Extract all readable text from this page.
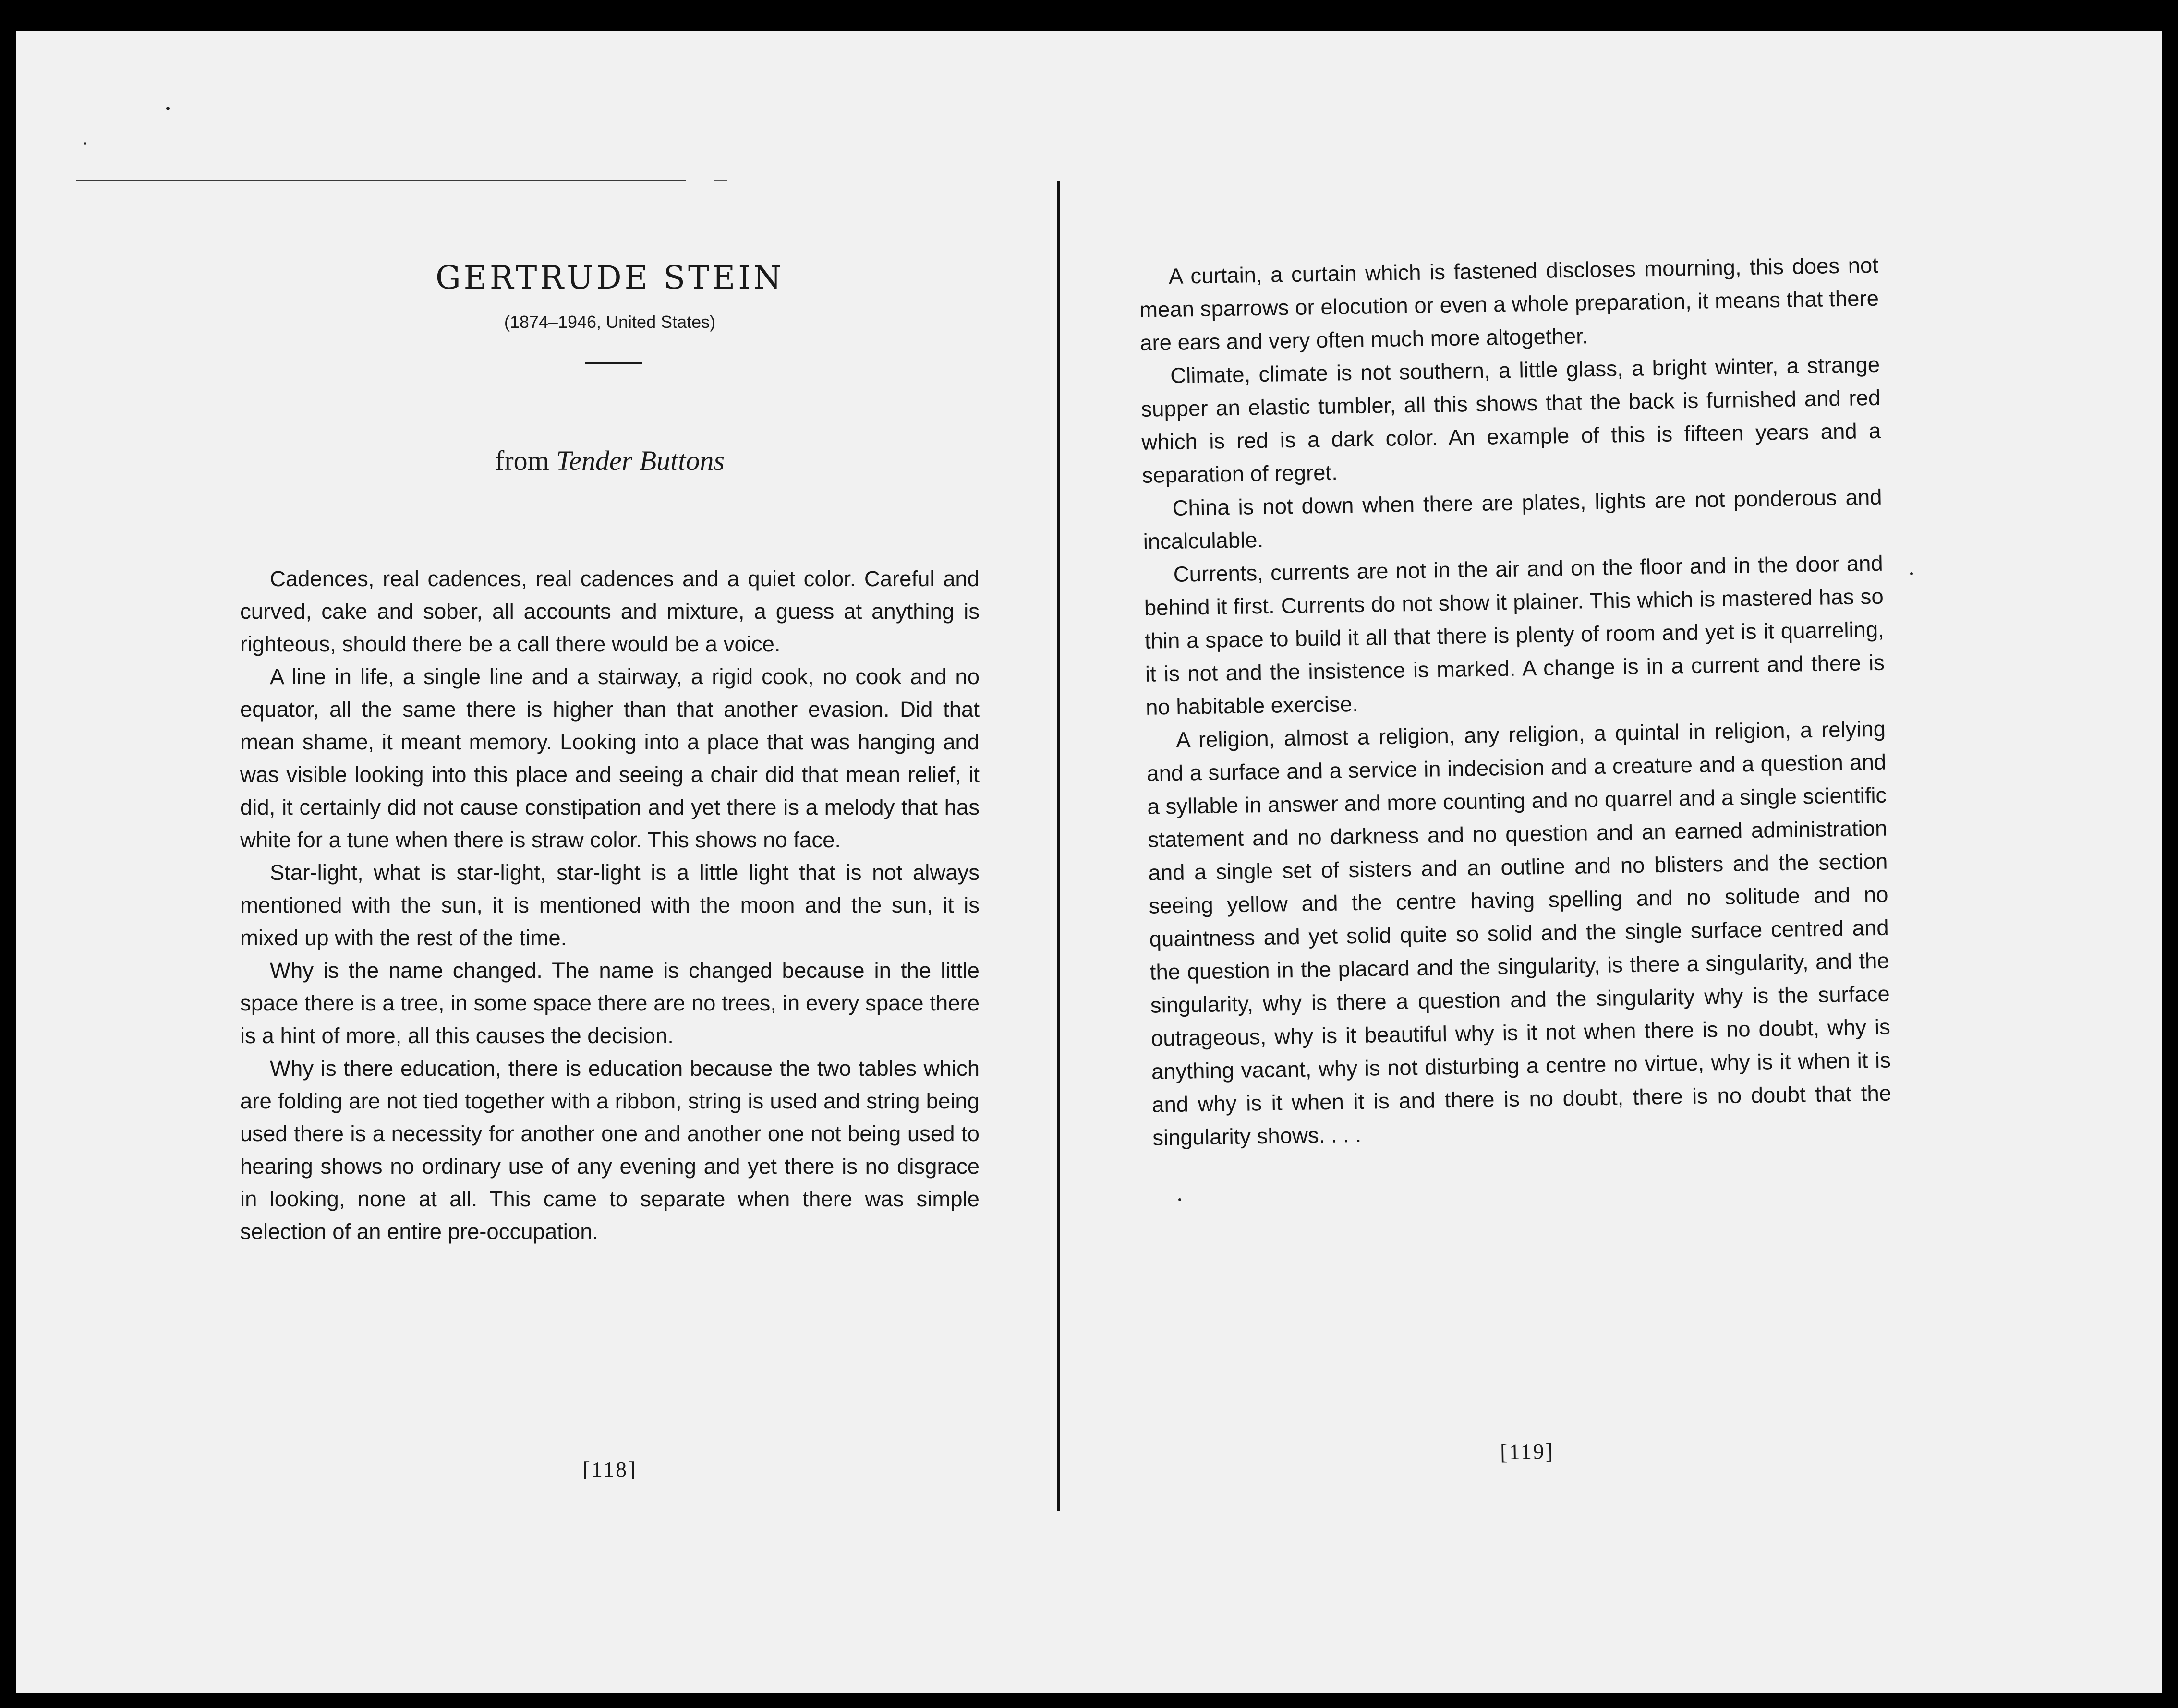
GERTRUDE STEIN
(1874–1946, United States)
from Tender Buttons

Cadences, real cadences, real cadences and a quiet color. Careful and curved, cake and sober, all accounts and mixture, a guess at anything is righteous, should there be a call there would be a voice.

A line in life, a single line and a stairway, a rigid cook, no cook and no equator, all the same there is higher than that another evasion. Did that mean shame, it meant memory. Looking into a place that was hanging and was visible looking into this place and seeing a chair did that mean relief, it did, it certainly did not cause constipation and yet there is a melody that has white for a tune when there is straw color. This shows no face.

Star-light, what is star-light, star-light is a little light that is not always mentioned with the sun, it is mentioned with the moon and the sun, it is mixed up with the rest of the time.

Why is the name changed. The name is changed because in the little space there is a tree, in some space there are no trees, in every space there is a hint of more, all this causes the decision.

Why is there education, there is education because the two tables which are folding are not tied together with a ribbon, string is used and string being used there is a necessity for another one and another one not being used to hearing shows no ordinary use of any evening and yet there is no disgrace in looking, none at all. This came to separate when there was simple selection of an entire pre-occupation.

[118]

A curtain, a curtain which is fastened discloses mourning, this does not mean sparrows or elocution or even a whole preparation, it means that there are ears and very often much more altogether.

Climate, climate is not southern, a little glass, a bright winter, a strange supper an elastic tumbler, all this shows that the back is furnished and red which is red is a dark color. An example of this is fifteen years and a separation of regret.

China is not down when there are plates, lights are not ponderous and incalculable.

Currents, currents are not in the air and on the floor and in the door and behind it first. Currents do not show it plainer. This which is mastered has so thin a space to build it all that there is plenty of room and yet is it quarreling, it is not and the insistence is marked. A change is in a current and there is no habitable exercise.

A religion, almost a religion, any religion, a quintal in religion, a relying and a surface and a service in indecision and a creature and a question and a syllable in answer and more counting and no quarrel and a single scientific statement and no darkness and no question and an earned administration and a single set of sisters and an outline and no blisters and the section seeing yellow and the centre having spelling and no solitude and no quaintness and yet solid quite so solid and the single surface centred and the question in the placard and the singularity, is there a singularity, and the singularity, why is there a question and the singularity why is the surface outrageous, why is it beautiful why is it not when there is no doubt, why is anything vacant, why is not disturbing a centre no virtue, why is it when it is and why is it when it is and there is no doubt, there is no doubt that the singularity shows. . . .

[119]
